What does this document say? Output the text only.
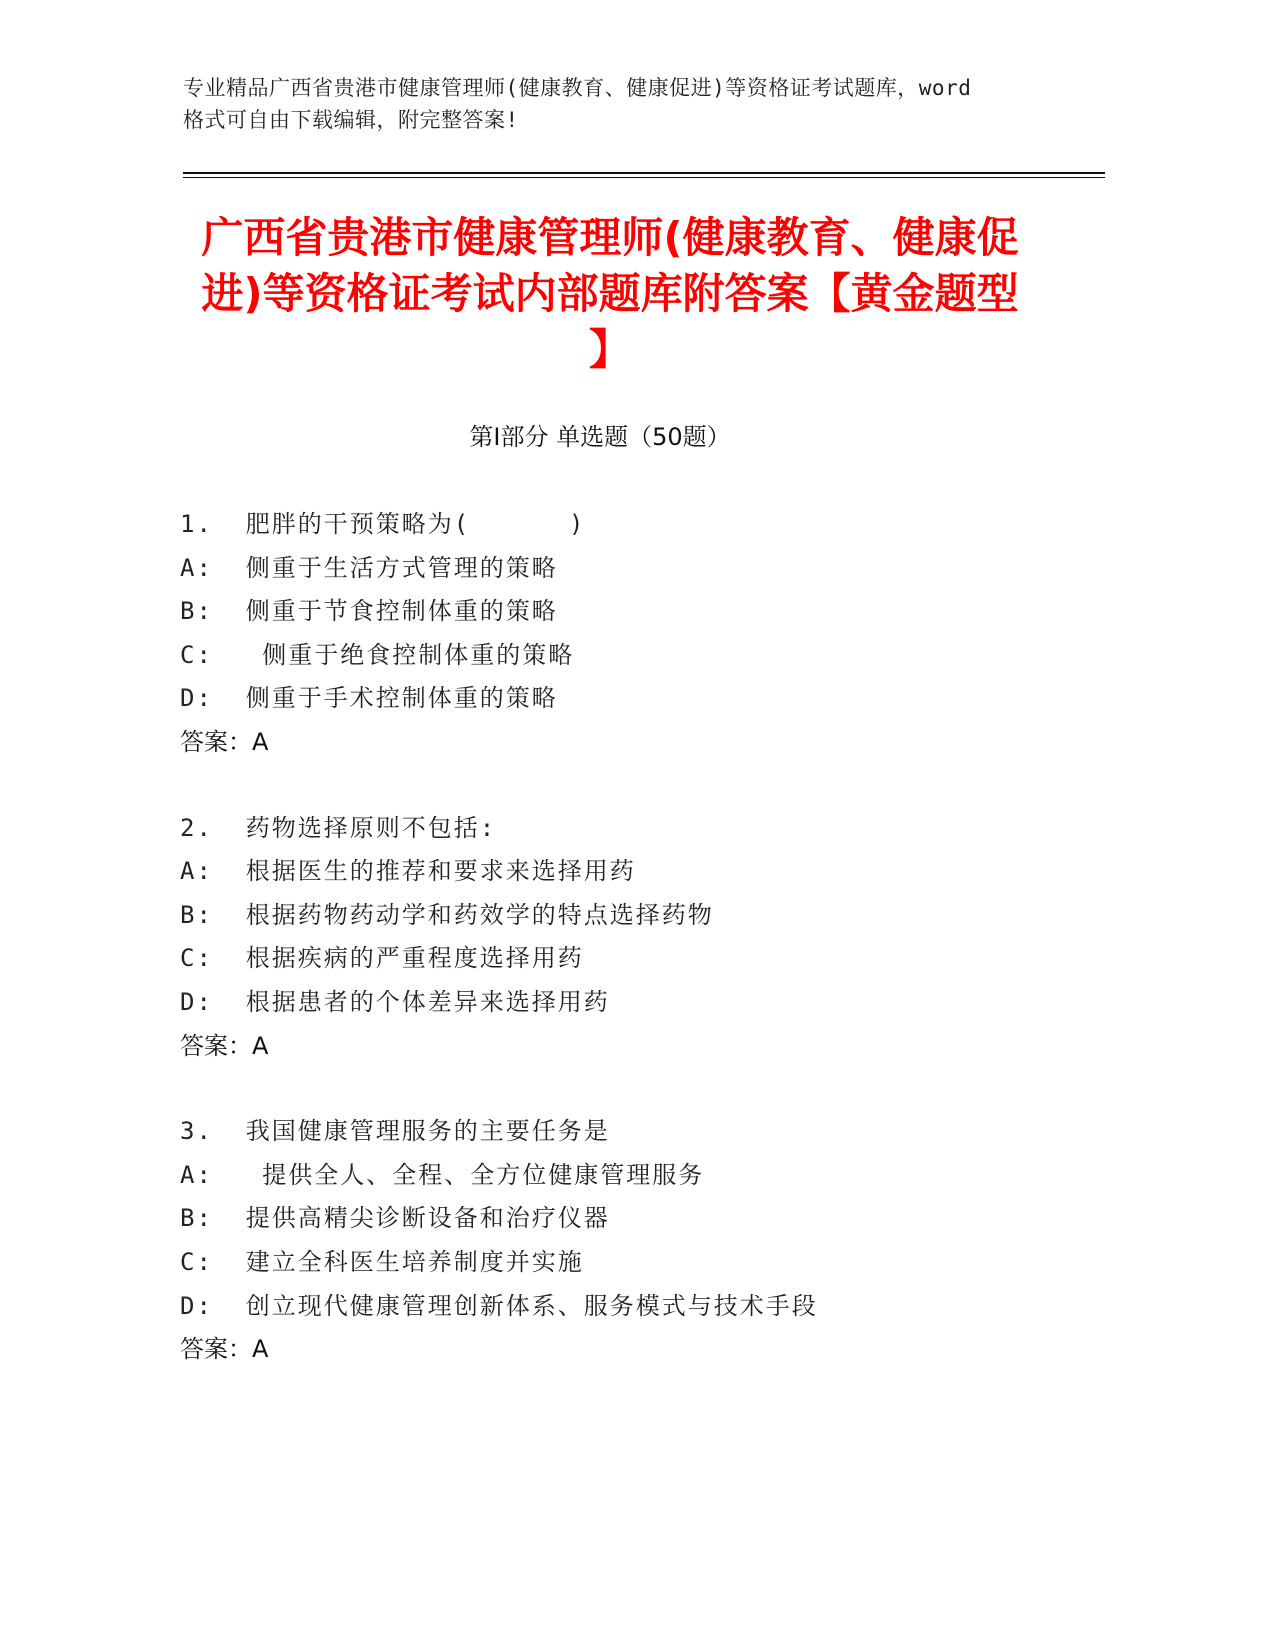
专业精品广西省贵港市健康管理师(健康教育、健康促进)等资格证考试题库，word
格式可自由下载编辑，附完整答案!
广西省贵港市健康管理师(健康教育、健康促
进)等资格证考试内部题库附答案【黄金题型
】
第Ⅰ部分 单选题（50题）
1.  肥胖的干预策略为(      )
A:  侧重于生活方式管理的策略
B:  侧重于节食控制体重的策略
C:   侧重于绝食控制体重的策略
D:  侧重于手术控制体重的策略
答案：A
2.  药物选择原则不包括:
A:  根据医生的推荐和要求来选择用药
B:  根据药物药动学和药效学的特点选择药物
C:  根据疾病的严重程度选择用药
D:  根据患者的个体差异来选择用药
答案：A
3.  我国健康管理服务的主要任务是
A:   提供全人、全程、全方位健康管理服务
B:  提供高精尖诊断设备和治疗仪器
C:  建立全科医生培养制度并实施
D:  创立现代健康管理创新体系、服务模式与技术手段
答案：A
